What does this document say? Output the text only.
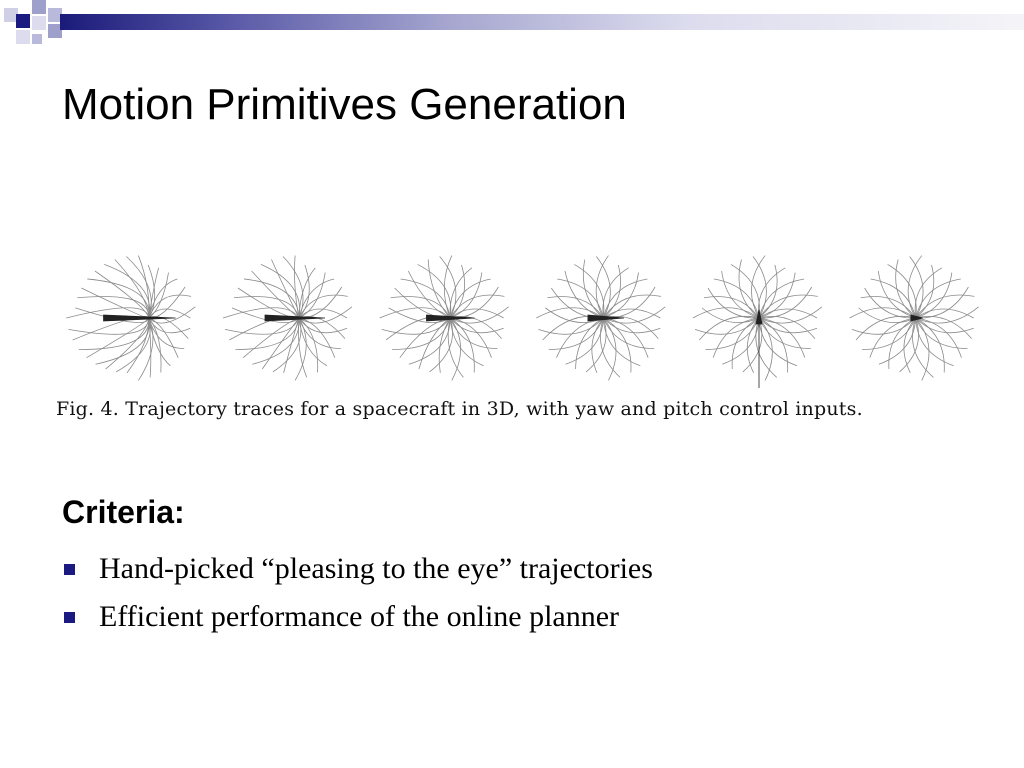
Motion Primitives Generation
Fig. 4. Trajectory traces for a spacecraft in 3D, with yaw and pitch control inputs.
Criteria:
Hand-picked “pleasing to the eye” trajectories
Efficient performance of the online planner
